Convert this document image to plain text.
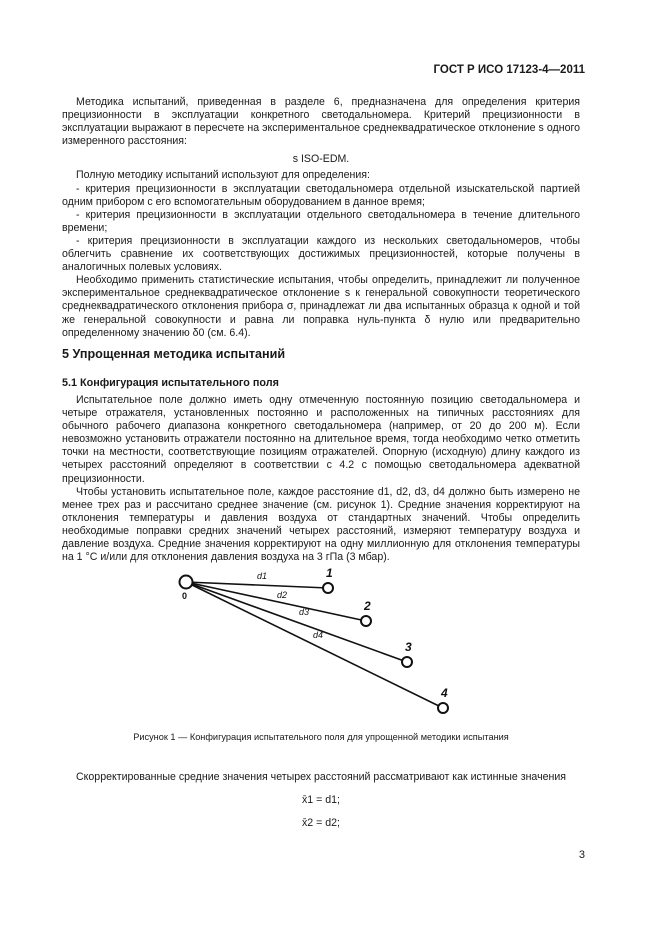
ГОСТ Р ИСО 17123-4—2011

Методика испытаний, приведенная в разделе 6, предназначена для определения критерия прецизионности в эксплуатации конкретного светодальномера. Критерий прецизионности в эксплуатации выражают в пересчете на экспериментальное среднеквадратическое отклонение s одного измеренного расстояния:

s ISO-EDM.

Полную методику испытаний используют для определения:

- критерия прецизионности в эксплуатации светодальномера отдельной изыскательской партией одним прибором с его вспомогательным оборудованием в данное время;

- критерия прецизионности в эксплуатации отдельного светодальномера в течение длительного времени;

- критерия прецизионности в эксплуатации каждого из нескольких светодальномеров, чтобы облегчить сравнение их соответствующих достижимых прецизионностей, которые получены в аналогичных полевых условиях.

Необходимо применить статистические испытания, чтобы определить, принадлежит ли полученное экспериментальное среднеквадратическое отклонение s к генеральной совокупности теоретического среднеквадратического отклонения прибора σ, принадлежат ли два испытанных образца к одной и той же генеральной совокупности и равна ли поправка нуль-пункта δ нулю или предварительно определенному значению δ0 (см. 6.4).

5 Упрощенная методика испытаний

5.1 Конфигурация испытательного поля

Испытательное поле должно иметь одну отмеченную постоянную позицию светодальномера и четыре отражателя, установленных постоянно и расположенных на типичных расстояниях для обычного рабочего диапазона конкретного светодальномера (например, от 20 до 200 м). Если невозможно установить отражатели постоянно на длительное время, тогда необходимо четко отметить точки на местности, соответствующие позициям отражателей. Опорную (исходную) длину каждого из четырех расстояний определяют в соответствии с 4.2 с помощью светодальномера адекватной прецизионности.

Чтобы установить испытательное поле, каждое расстояние d1, d2, d3, d4 должно быть измерено не менее трех раз и рассчитано среднее значение (см. рисунок 1). Средние значения корректируют на отклонения температуры и давления воздуха от стандартных значений. Чтобы определить необходимые поправки средних значений четырех расстояний, измеряют температуру воздуха и давление воздуха. Средние значения корректируют на одну миллионную для отклонения температуры на 1 °С и/или для отклонения давления воздуха на 3 гПа (3 мбар).

0
1
2
3
4
d1
d2
d3
d4
Рисунок 1 — Конфигурация испытательного поля для упрощенной методики испытания

Скорректированные средние значения четырех расстояний рассматривают как истинные значения

x̄1 = d1;

x̄2 = d2;

3
